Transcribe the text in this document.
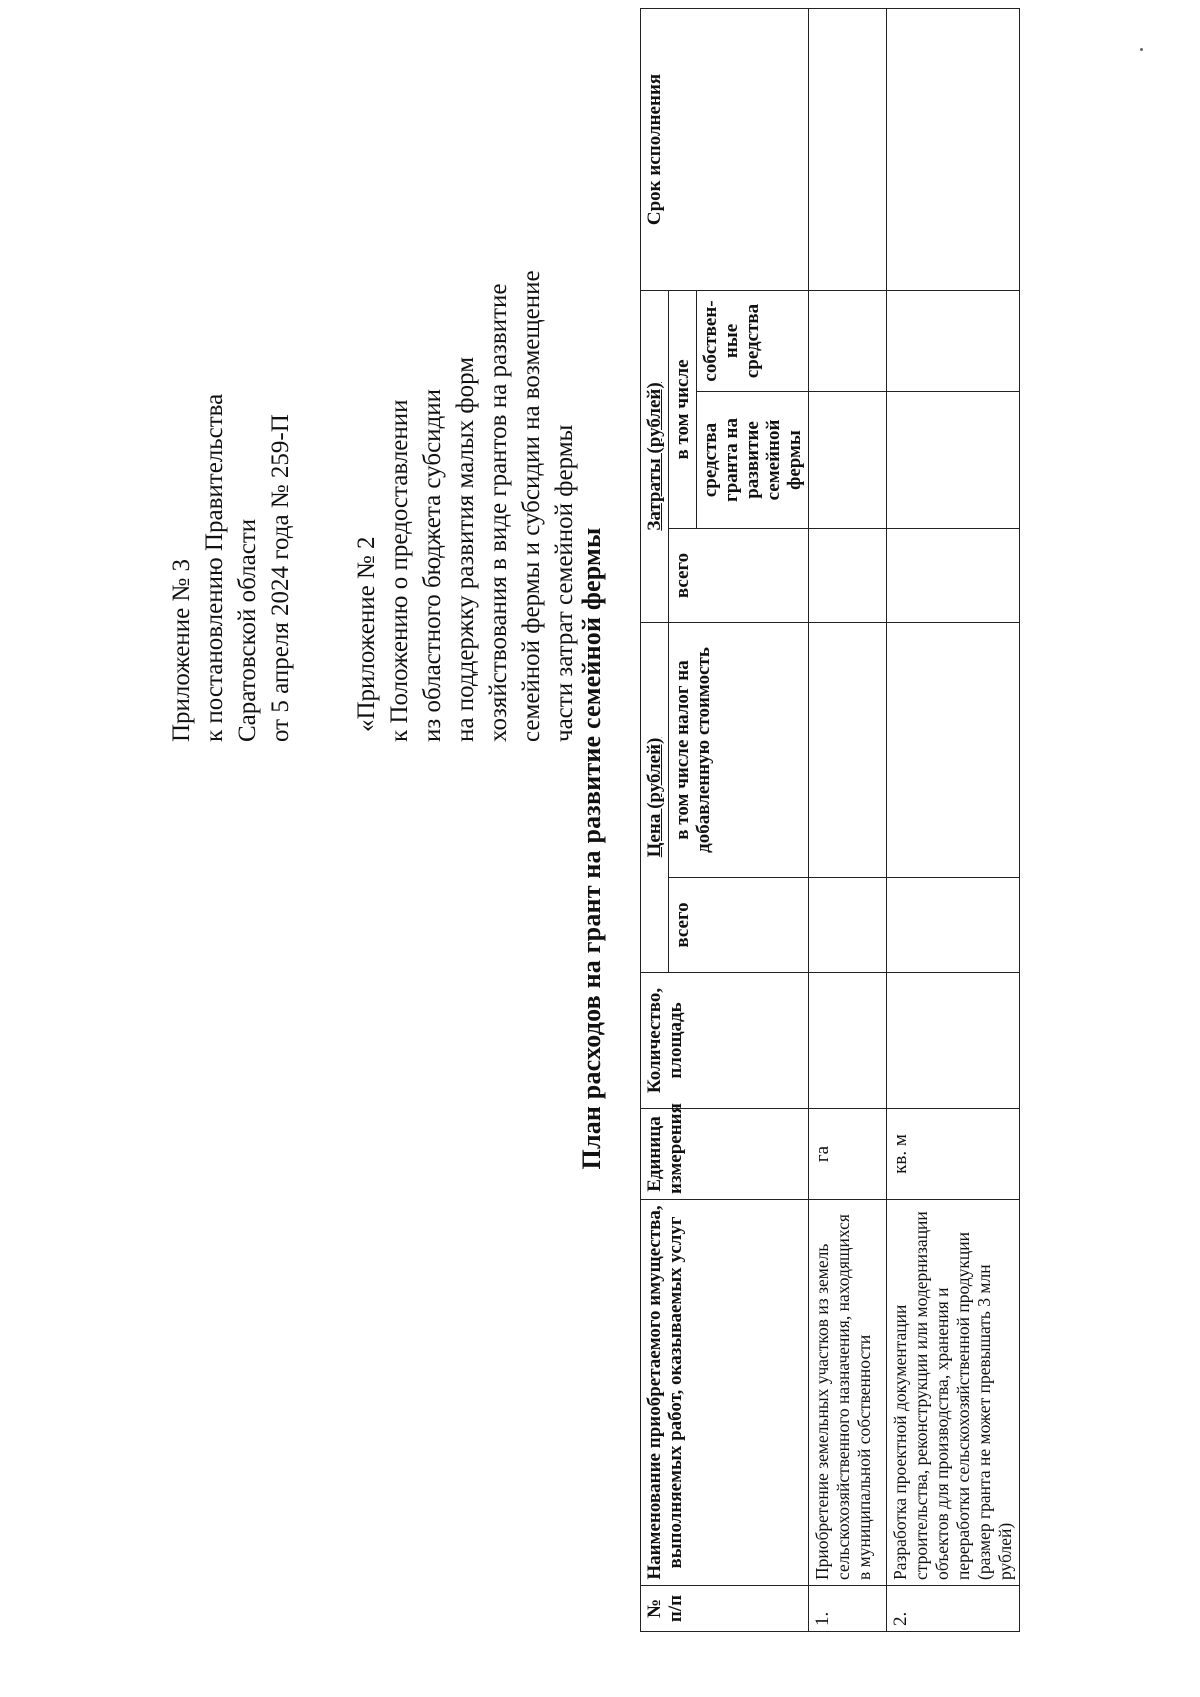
Приложение № 3 к постановлению Правительства Саратовской области от 5 апреля 2024 года № 259-П «Приложение № 2 к Положению о предоставлении из областного бюджета субсидии на поддержку развития малых форм хозяйствования в виде грантов на развитие семейной фермы и субсидии на возмещение части затрат семейной фермы План расходов на грант на развитие семейной фермы
№ п/п	Наименование приобретаемого имущества, выполняемых работ, оказываемых услуг	Единица измерения	Количество, площадь	Цена (рублей)		Затраты (рублей)			Срок исполнения
				всего	в том числе налог на добавленную стоимость	всего	в том числе		
							средства гранта на развитие семейной фермы	собствен-ные средства	
1.	Приобретение земельных участков из земель сельскохозяйственного назначения, находящихся в муниципальной собственности	га							
2.	Разработка проектной документации строительства, реконструкции или модернизации объектов для производства, хранения и переработки сельскохозяйственной продукции (размер гранта не может превышать 3 млн рублей)	кв. м							
